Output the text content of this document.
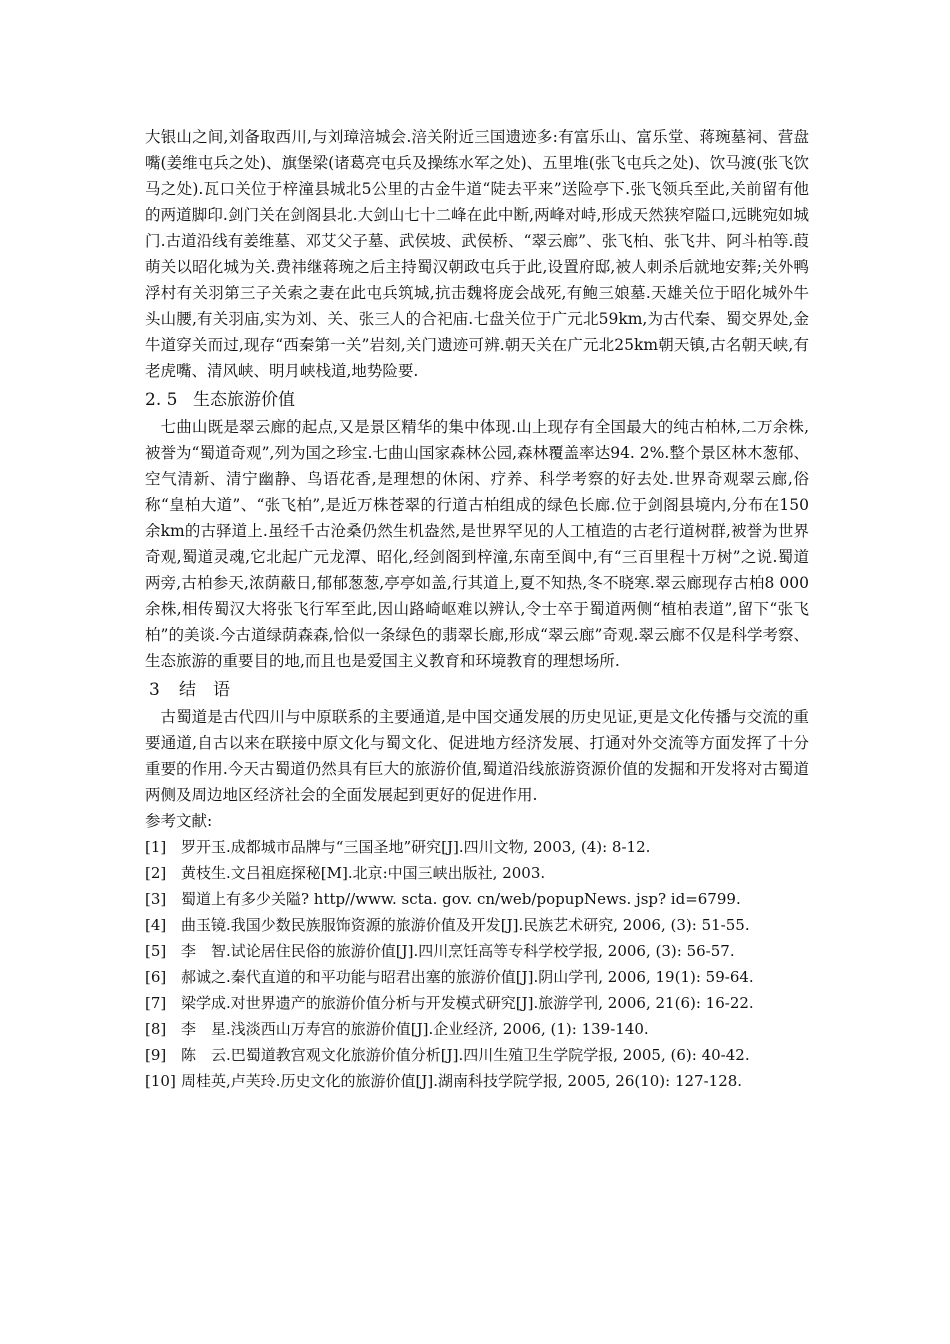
大银山之间,刘备取西川,与刘璋涪城会.涪关附近三国遗迹多:有富乐山、富乐堂、蒋琬墓祠、营盘嘴(姜维屯兵之处)、旗堡梁(诸葛亮屯兵及操练水军之处)、五里堆(张飞屯兵之处)、饮马渡(张飞饮马之处).瓦口关位于梓潼县城北5公里的古金牛道“陡去平来”送险亭下.张飞领兵至此,关前留有他的两道脚印.剑门关在剑阁县北.大剑山七十二峰在此中断,两峰对峙,形成天然狭窄隘口,远眺宛如城门.古道沿线有姜维墓、邓艾父子墓、武侯坡、武侯桥、“翠云廊”、张飞柏、张飞井、阿斗柏等.葭萌关以昭化城为关.费祎继蒋琬之后主持蜀汉朝政屯兵于此,设置府邸,被人刺杀后就地安葬;关外鸭浮村有关羽第三子关索之妻在此屯兵筑城,抗击魏将庞会战死,有鲍三娘墓.天雄关位于昭化城外牛头山腰,有关羽庙,实为刘、关、张三人的合祀庙.七盘关位于广元北59km,为古代秦、蜀交界处,金牛道穿关而过,现存“西秦第一关”岩刻,关门遗迹可辨.朝天关在广元北25km朝天镇,古名朝天峡,有老虎嘴、清风峡、明月峡栈道,地势险要.

2. 5 生态旅游价值

七曲山既是翠云廊的起点,又是景区精华的集中体现.山上现存有全国最大的纯古柏林,二万余株,被誉为“蜀道奇观”,列为国之珍宝.七曲山国家森林公园,森林覆盖率达94. 2%.整个景区林木葱郁、空气清新、清宁幽静、鸟语花香,是理想的休闲、疗养、科学考察的好去处.世界奇观翠云廊,俗称“皇柏大道”、“张飞柏”,是近万株苍翠的行道古柏组成的绿色长廊.位于剑阁县境内,分布在150余km的古驿道上.虽经千古沧桑仍然生机盎然,是世界罕见的人工植造的古老行道树群,被誉为世界奇观,蜀道灵魂,它北起广元龙潭、昭化,经剑阁到梓潼,东南至阆中,有“三百里程十万树”之说.蜀道两旁,古柏参天,浓荫蔽日,郁郁葱葱,亭亭如盖,行其道上,夏不知热,冬不晓寒.翠云廊现存古柏8 000余株,相传蜀汉大将张飞行军至此,因山路崎岖难以辨认,令士卒于蜀道两侧“植柏表道”,留下“张飞柏”的美谈.今古道绿荫森森,恰似一条绿色的翡翠长廊,形成“翠云廊”奇观.翠云廊不仅是科学考察、生态旅游的重要目的地,而且也是爱国主义教育和环境教育的理想场所.

3 结　语

古蜀道是古代四川与中原联系的主要通道,是中国交通发展的历史见证,更是文化传播与交流的重要通道,自古以来在联接中原文化与蜀文化、促进地方经济发展、打通对外交流等方面发挥了十分重要的作用.今天古蜀道仍然具有巨大的旅游价值,蜀道沿线旅游资源价值的发掘和开发将对古蜀道两侧及周边地区经济社会的全面发展起到更好的促进作用.

参考文献:

[1] 罗开玉.成都城市品牌与“三国圣地”研究[J].四川文物, 2003, (4): 8-12.
[2] 黄枝生.文吕祖庭探秘[M].北京:中国三峡出版社, 2003.
[3] 蜀道上有多少关隘? http//www. scta. gov. cn/web/popupNews. jsp? id=6799.
[4] 曲玉镜.我国少数民族服饰资源的旅游价值及开发[J].民族艺术研究, 2006, (3): 51-55.
[5] 李　智.试论居住民俗的旅游价值[J].四川烹饪高等专科学校学报, 2006, (3): 56-57.
[6] 郝诚之.秦代直道的和平功能与昭君出塞的旅游价值[J].阴山学刊, 2006, 19(1): 59-64.
[7] 梁学成.对世界遗产的旅游价值分析与开发模式研究[J].旅游学刊, 2006, 21(6): 16-22.
[8] 李　星.浅淡西山万寿宫的旅游价值[J].企业经济, 2006, (1): 139-140.
[9] 陈　云.巴蜀道教宫观文化旅游价值分析[J].四川生殖卫生学院学报, 2005, (6): 40-42.
[10] 周桂英,卢芙玲.历史文化的旅游价值[J].湖南科技学院学报, 2005, 26(10): 127-128.
